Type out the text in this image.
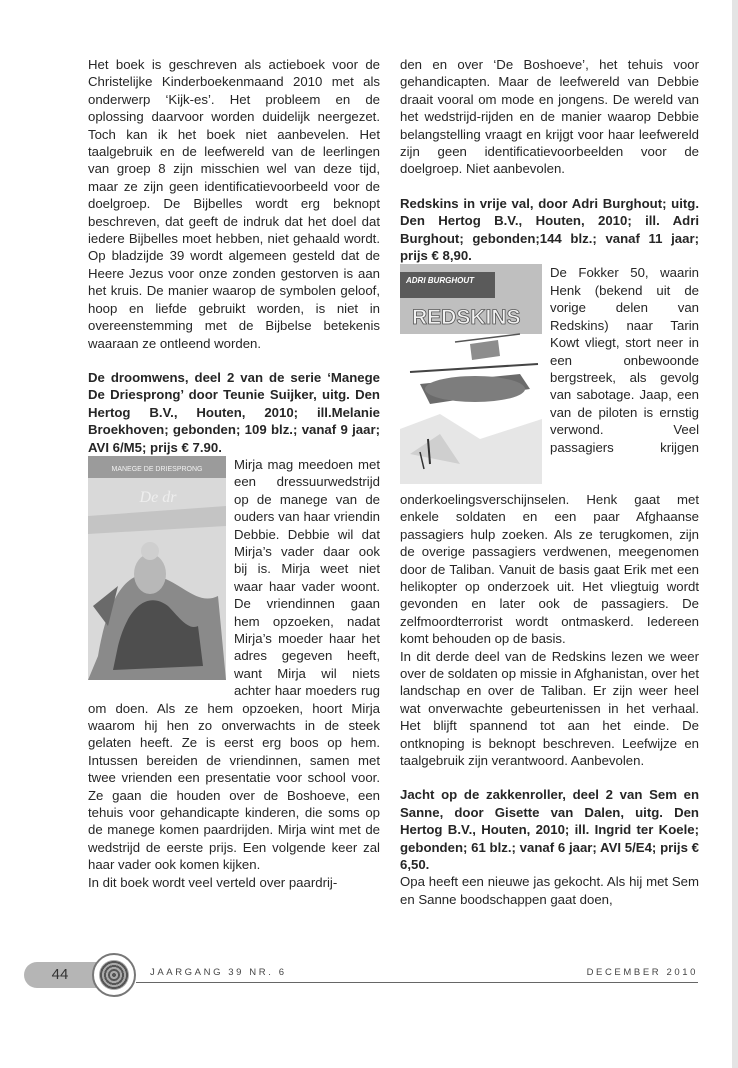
Het boek is geschreven als actieboek voor de Christelijke Kinderboekenmaand 2010 met als onderwerp ‘Kijk-es’. Het probleem en de oplossing daarvoor worden duidelijk neergezet. Toch kan ik het boek niet aanbevelen. Het taalgebruik en de leefwereld van de leerlingen van groep 8 zijn misschien wel van deze tijd, maar ze zijn geen identificatievoorbeeld voor de doelgroep. De Bijbelles wordt erg beknopt beschreven, dat geeft de indruk dat het doel dat iedere Bijbelles moet hebben, niet gehaald wordt. Op bladzijde 39 wordt algemeen gesteld dat de Heere Jezus voor onze zonden gestorven is aan het kruis. De manier waarop de symbolen geloof, hoop en liefde gebruikt worden, is niet in overeenstemming met de Bijbelse betekenis waaraan ze ontleend worden.

De droomwens, deel 2 van de serie ‘Manege De Driesprong’ door Teunie Suijker, uitg. Den Hertog B.V., Houten, 2010; ill.Melanie Broekhoven; gebonden; 109 blz.; vanaf 9 jaar; AVI 6/M5; prijs € 7.90.

MANEGE DE DRIESPRONG
De dr

Mirja mag meedoen met een dressuurwedstrijd op de manege van de ouders van haar vriendin Debbie. Debbie wil dat Mirja’s vader daar ook bij is. Mirja weet niet waar haar vader woont. De vriendinnen gaan hem opzoeken, nadat Mirja’s moeder haar het adres gegeven heeft, want Mirja wil niets achter haar moeders rug om doen. Als ze hem opzoeken, hoort Mirja waarom hij hen zo onverwachts in de steek gelaten heeft. Ze is eerst erg boos op hem. Intussen bereiden de vriendinnen, samen met twee vrienden een presentatie voor school voor. Ze gaan die houden over de Boshoeve, een tehuis voor gehandicapte kinderen, die soms op de manege komen paardrijden. Mirja wint met de wedstrijd de eerste prijs. Een volgende keer zal haar vader ook komen kijken.

In dit boek wordt veel verteld over paardrij-

den en over ‘De Boshoeve’, het tehuis voor gehandicapten. Maar de leefwereld van Debbie draait vooral om mode en jongens. De wereld van het wedstrijd-rijden en de manier waarop Debbie belangstelling vraagt en krijgt voor haar leefwereld zijn geen identificatievoorbeelden voor de doelgroep. Niet aanbevolen.

Redskins in vrije val, door Adri Burghout; uitg. Den Hertog B.V., Houten, 2010; ill. Adri Burghout; gebonden;144 blz.; vanaf 11 jaar; prijs € 8,90.

ADRI BURGHOUT
REDSKINS

De Fokker 50, waarin Henk (bekend uit de vorige delen van Redskins) naar Tarin Kowt vliegt, stort neer in een onbewoonde bergstreek, als gevolg van sabotage. Jaap, een van de piloten is ernstig verwond. Veel passagiers krijgen onderkoelingsverschijnselen. Henk gaat met enkele soldaten en een paar Afghaanse passagiers hulp zoeken. Als ze terugkomen, zijn de overige passagiers verdwenen, meegenomen door de Taliban. Vanuit de basis gaat Erik met een helikopter op onderzoek uit. Het vliegtuig wordt gevonden en later ook de passagiers. De zelfmoordterrorist wordt ontmaskerd. Iedereen komt behouden op de basis.

In dit derde deel van de Redskins lezen we weer over de soldaten op missie in Afghanistan, over het landschap en over de Taliban. Er zijn weer heel wat onverwachte gebeurtenissen in het verhaal. Het blijft spannend tot aan het einde. De ontknoping is beknopt beschreven. Leefwijze en taalgebruik zijn verantwoord. Aanbevolen.

Jacht op de zakkenroller, deel 2 van Sem en Sanne, door Gisette van Dalen, uitg. Den Hertog B.V., Houten, 2010; ill. Ingrid ter Koele; gebonden; 61 blz.; vanaf 6 jaar; AVI 5/E4; prijs € 6,50.

Opa heeft een nieuwe jas gekocht. Als hij met Sem en Sanne boodschappen gaat doen,

44	JAARGANG 39 NR. 6	DECEMBER 2010
